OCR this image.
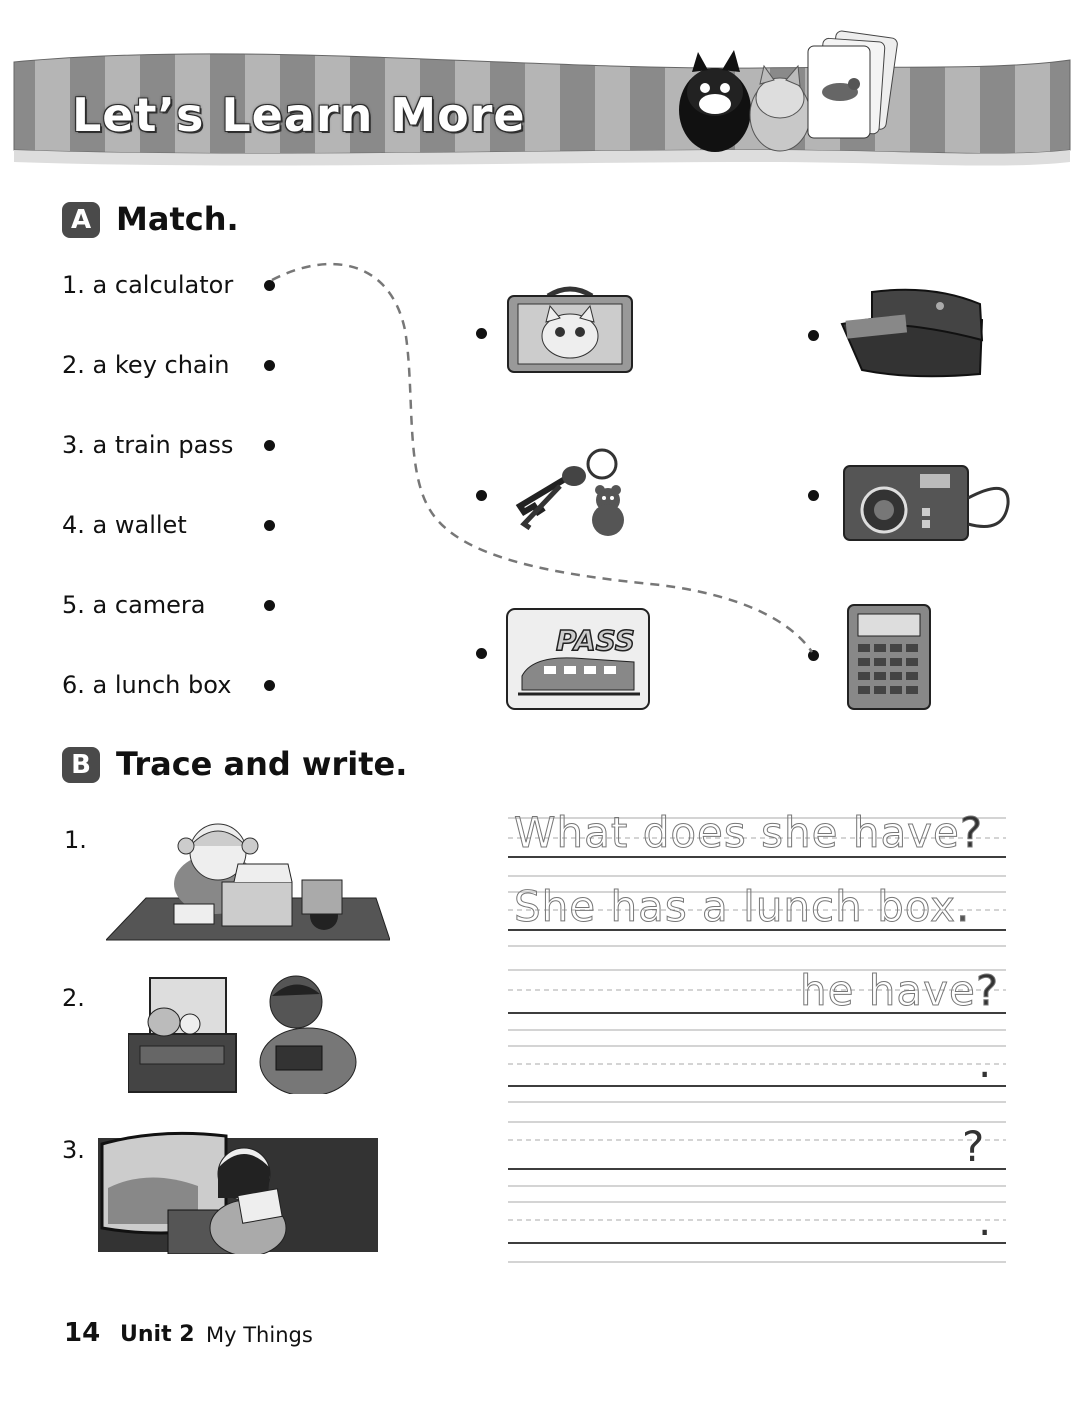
Let’s Learn More
A Match.
1. a calculator
2. a key chain
3. a train pass
4. a wallet
5. a camera
6. a lunch box
PASS
B Trace and write.
1.
2.
3.
What does she have?
She has a lunch box.
he have?
.
?
.
14 Unit 2 My Things
